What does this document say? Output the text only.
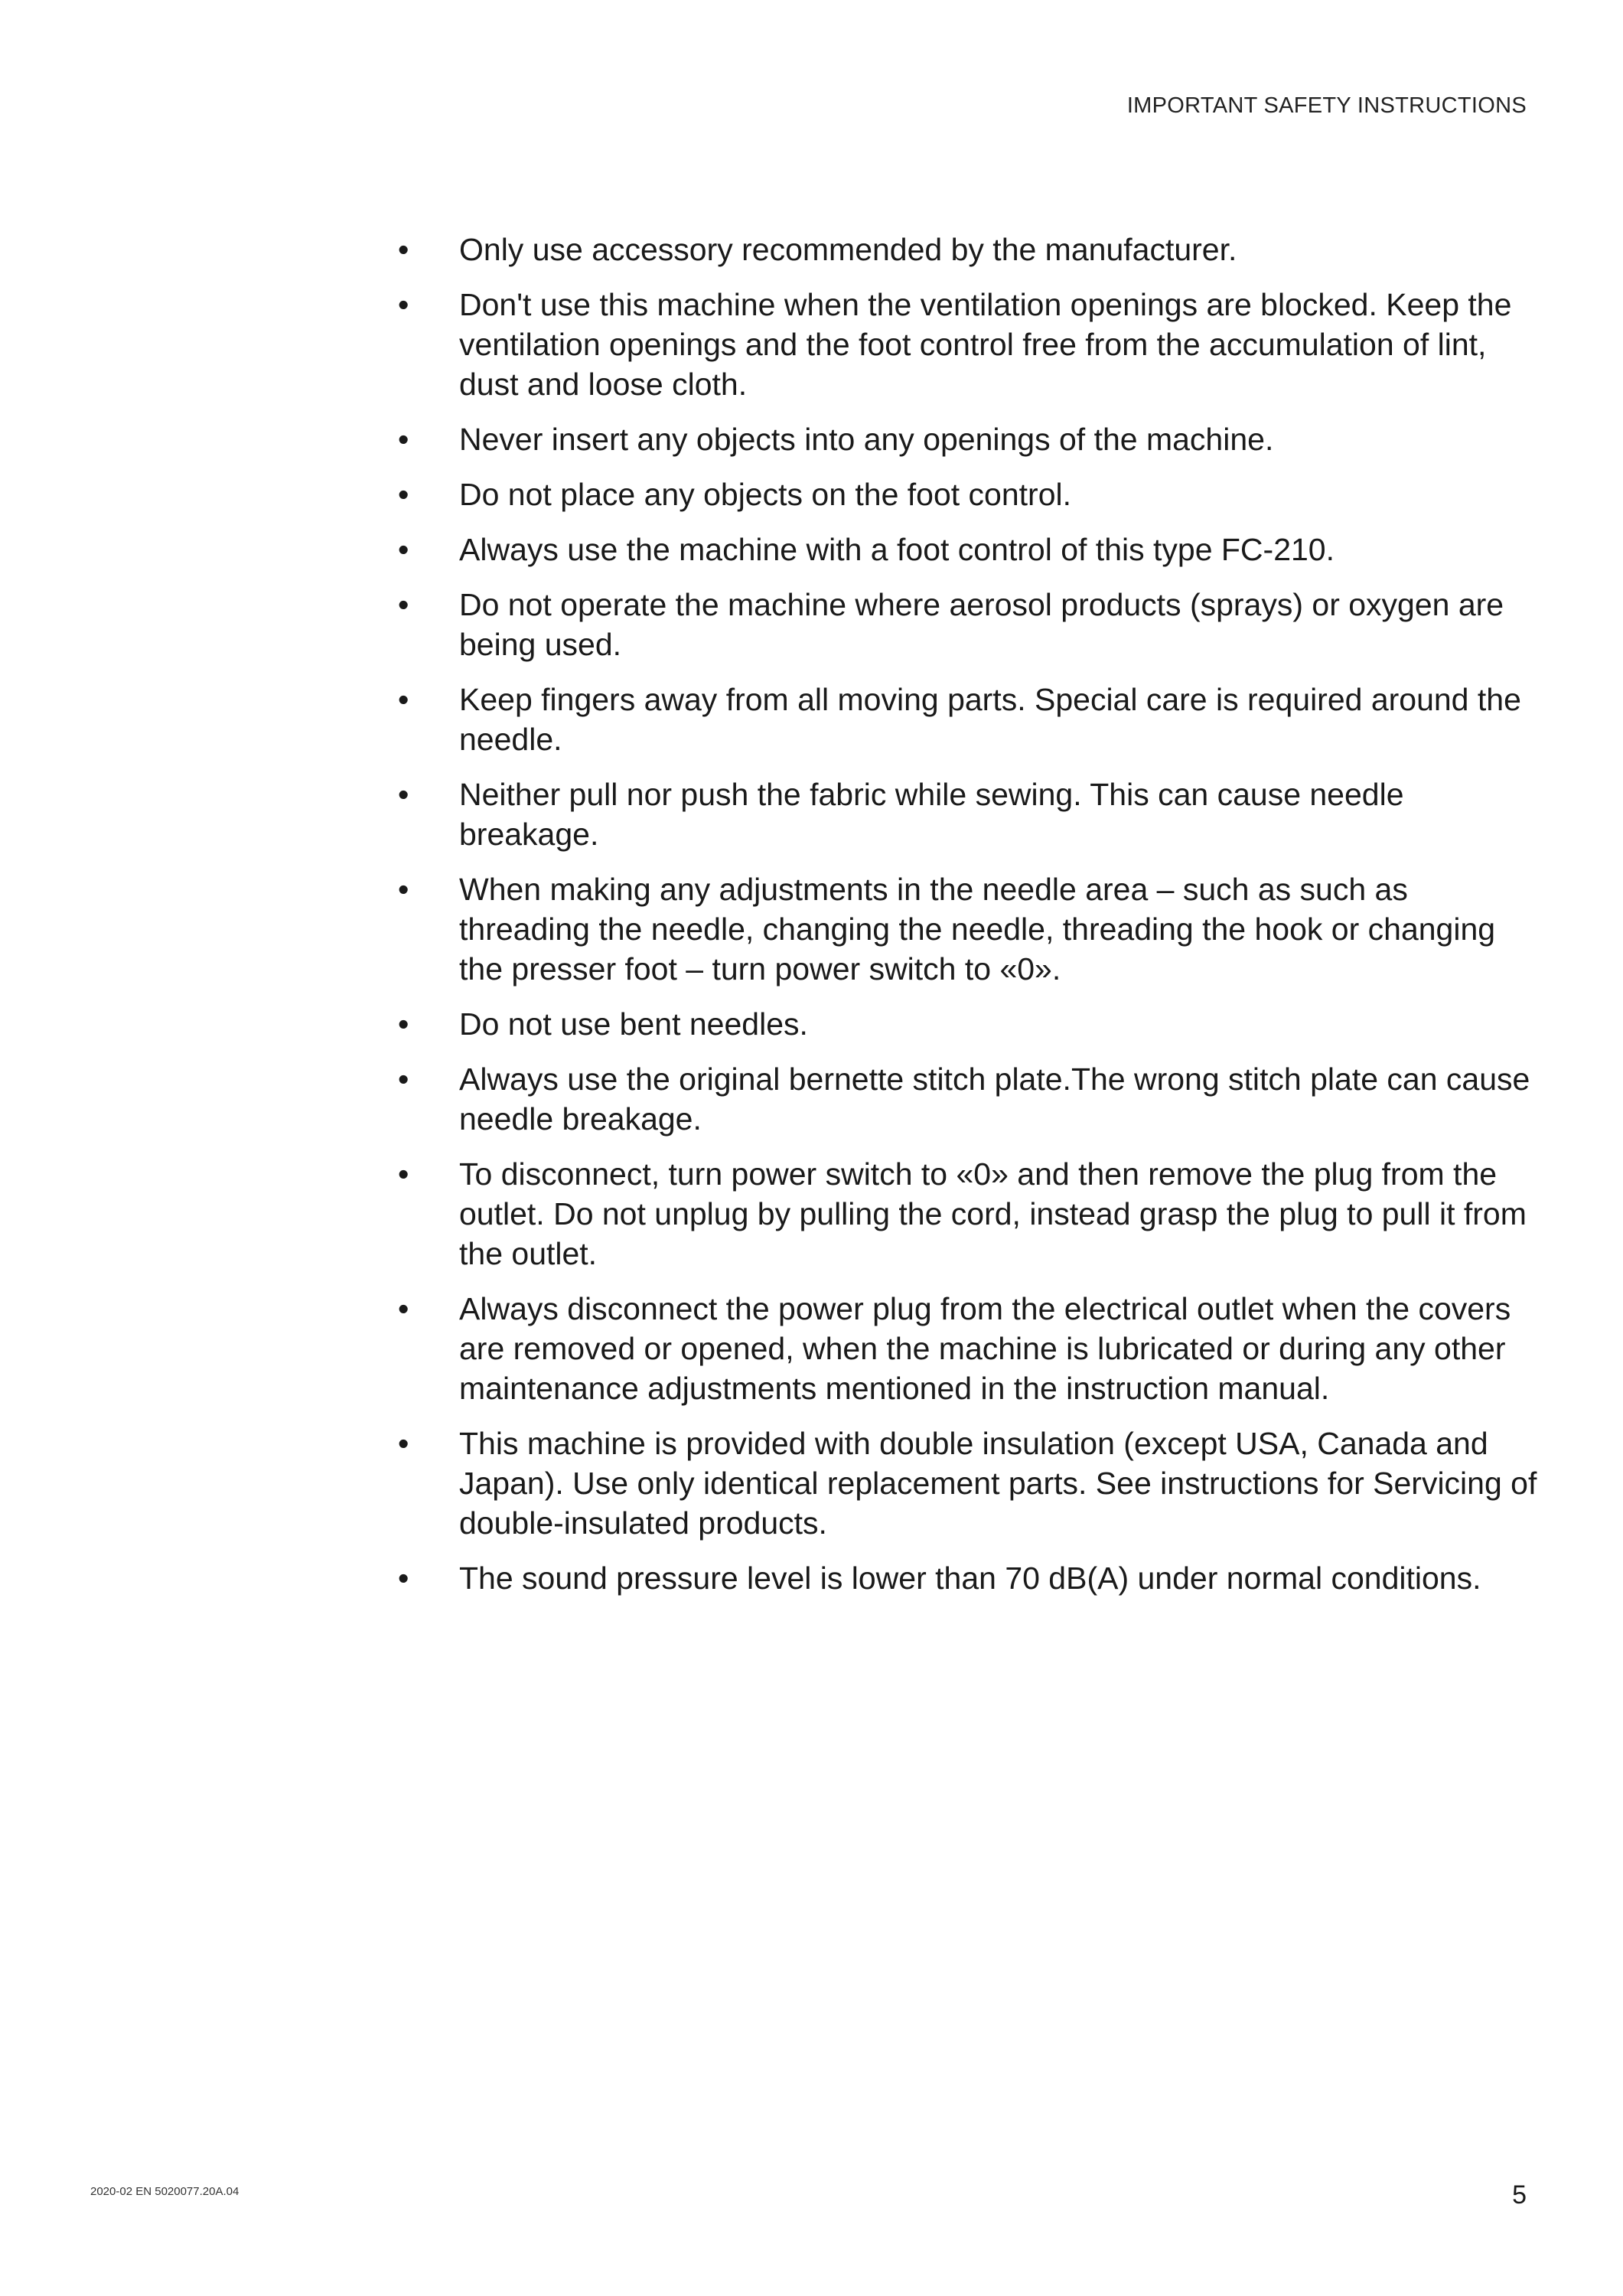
IMPORTANT SAFETY INSTRUCTIONS
•	Only use accessory recommended by the manufacturer.
•	Don't use this machine when the ventilation openings are blocked. Keep the ventilation openings and the foot control free from the accumulation of lint, dust and loose cloth.
•	Never insert any objects into any openings of the machine.
•	Do not place any objects on the foot control.
•	Always use the machine with a foot control of this type FC-210.
•	Do not operate the machine where aerosol products (sprays) or oxygen are being used.
•	Keep fingers away from all moving parts. Special care is required around the needle.
•	Neither pull nor push the fabric while sewing. This can cause needle breakage.
•	When making any adjustments in the needle area – such as such as threading the needle, changing the needle, threading the hook or changing the presser foot – turn power switch to «0».
•	Do not use bent needles.
•	Always use the original bernette stitch plate.The wrong stitch plate can cause needle breakage.
•	To disconnect, turn power switch to «0» and then remove the plug from the outlet. Do not unplug by pulling the cord, instead grasp the plug to pull it from the outlet.
•	Always disconnect the power plug from the electrical outlet when the covers are removed or opened, when the machine is lubricated or during any other maintenance adjustments mentioned in the instruction manual.
•	This machine is provided with double insulation (except USA, Canada and Japan). Use only identical replacement parts. See instructions for Servicing of double-insulated products.
•	The sound pressure level is lower than 70 dB(A) under normal conditions.
2020-02 EN 5020077.20A.04	5
